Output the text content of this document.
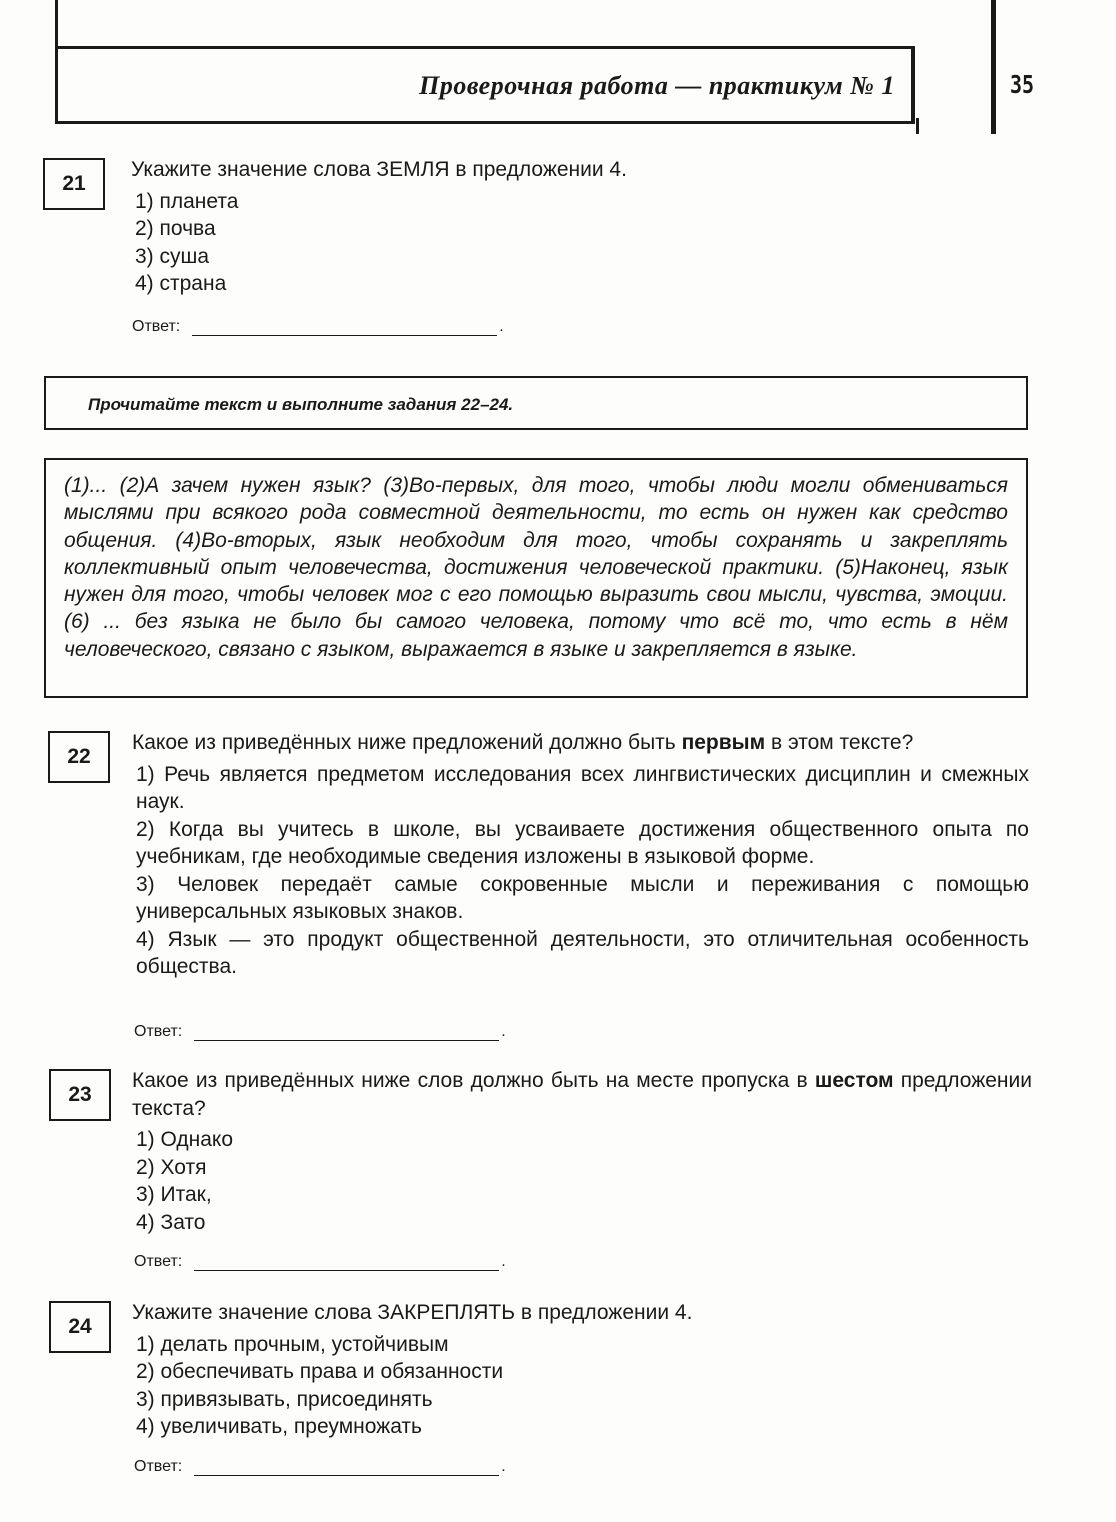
Проверочная работа — практикум № 1	35
21

Укажите значение слова ЗЕМЛЯ в предложении 4.

1) планета
2) почва
3) суша
4) страна
Ответ:	.
Прочитайте текст и выполните задания 22–24.

(1)... (2)А зачем нужен язык? (3)Во-первых, для того, чтобы люди могли обмениваться мыслями при всякого рода совместной деятельности, то есть он нужен как средство общения. (4)Во-вторых, язык необходим для того, чтобы сохранять и закреплять коллективный опыт человечества, достижения человеческой практики. (5)Наконец, язык нужен для того, чтобы человек мог с его помощью выразить свои мысли, чувства, эмоции. (6) ... без языка не было бы самого человека, потому что всё то, что есть в нём человеческого, связано с языком, выражается в языке и закрепляется в языке.

22

Какое из приведённых ниже предложений должно быть первым в этом тексте?

1) Речь является предметом исследования всех лингвистических дисциплин и смежных наук.
2) Когда вы учитесь в школе, вы усваиваете достижения общественного опыта по учебникам, где необходимые сведения изложены в языковой форме.
3) Человек передаёт самые сокровенные мысли и переживания с помощью универсальных языковых знаков.
4) Язык — это продукт общественной деятельности, это отличительная особенность общества.
Ответ:	.
23

Какое из приведённых ниже слов должно быть на месте пропуска в шестом предложении текста?

1) Однако
2) Хотя
3) Итак,
4) Зато
Ответ:	.
24

Укажите значение слова ЗАКРЕПЛЯТЬ в предложении 4.

1) делать прочным, устойчивым
2) обеспечивать права и обязанности
3) привязывать, присоединять
4) увеличивать, преумножать
Ответ:	.
